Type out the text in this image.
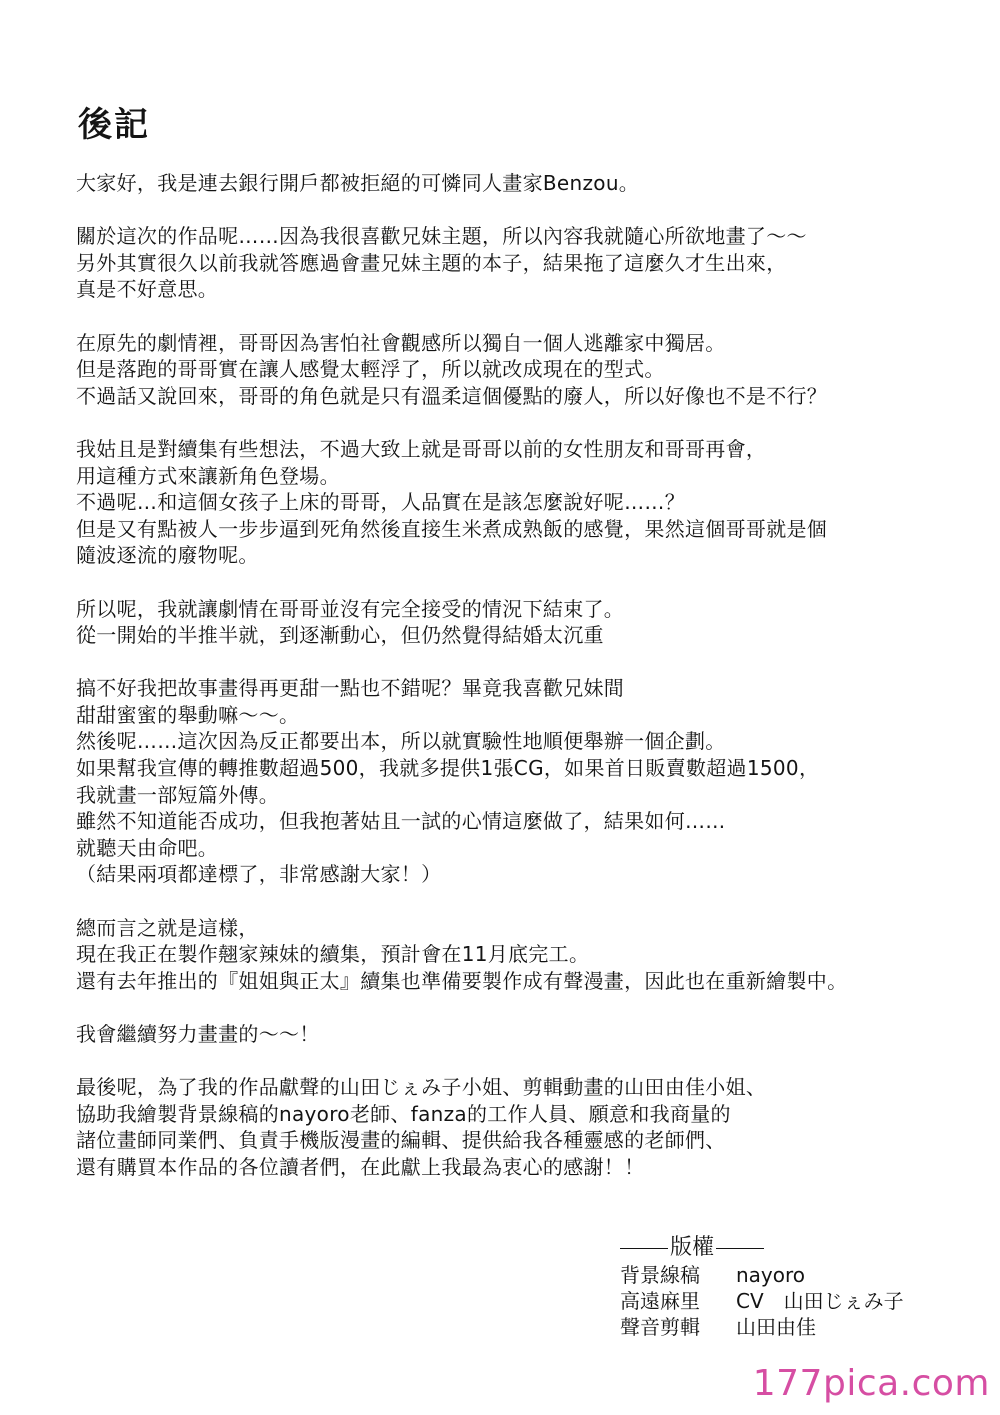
後記
大家好，我是連去銀行開戶都被拒絕的可憐同人畫家Benzou。
關於這次的作品呢……因為我很喜歡兄妹主題，所以內容我就隨心所欲地畫了～～
另外其實很久以前我就答應過會畫兄妹主題的本子，結果拖了這麼久才生出來，
真是不好意思。
在原先的劇情裡，哥哥因為害怕社會觀感所以獨自一個人逃離家中獨居。
但是落跑的哥哥實在讓人感覺太輕浮了，所以就改成現在的型式。
不過話又說回來，哥哥的角色就是只有溫柔這個優點的廢人，所以好像也不是不行？
我姑且是對續集有些想法，不過大致上就是哥哥以前的女性朋友和哥哥再會，
用這種方式來讓新角色登場。
不過呢…和這個女孩子上床的哥哥，人品實在是該怎麼說好呢……？
但是又有點被人一步步逼到死角然後直接生米煮成熟飯的感覺，果然這個哥哥就是個
隨波逐流的廢物呢。
所以呢，我就讓劇情在哥哥並沒有完全接受的情況下結束了。
從一開始的半推半就，到逐漸動心，但仍然覺得結婚太沉重
搞不好我把故事畫得再更甜一點也不錯呢？畢竟我喜歡兄妹間
甜甜蜜蜜的舉動嘛～～。
然後呢……這次因為反正都要出本，所以就實驗性地順便舉辦一個企劃。
如果幫我宣傳的轉推數超過500，我就多提供1張CG，如果首日販賣數超過1500，
我就畫一部短篇外傳。
雖然不知道能否成功，但我抱著姑且一試的心情這麼做了，結果如何……
就聽天由命吧。
（結果兩項都達標了，非常感謝大家！）
總而言之就是這樣，
現在我正在製作翹家辣妹的續集，預計會在11月底完工。
還有去年推出的『姐姐與正太』續集也準備要製作成有聲漫畫，因此也在重新繪製中。
我會繼續努力畫畫的～～！
最後呢，為了我的作品獻聲的山田じぇみ子小姐、剪輯動畫的山田由佳小姐、
協助我繪製背景線稿的nayoro老師、fanza的工作人員、願意和我商量的
諸位畫師同業們、負責手機版漫畫的編輯、提供給我各種靈感的老師們、
還有購買本作品的各位讀者們，在此獻上我最為衷心的感謝！！
版權
背景線稿	nayoro
高遠麻里	CV　山田じぇみ子
聲音剪輯	山田由佳
177pica.com
